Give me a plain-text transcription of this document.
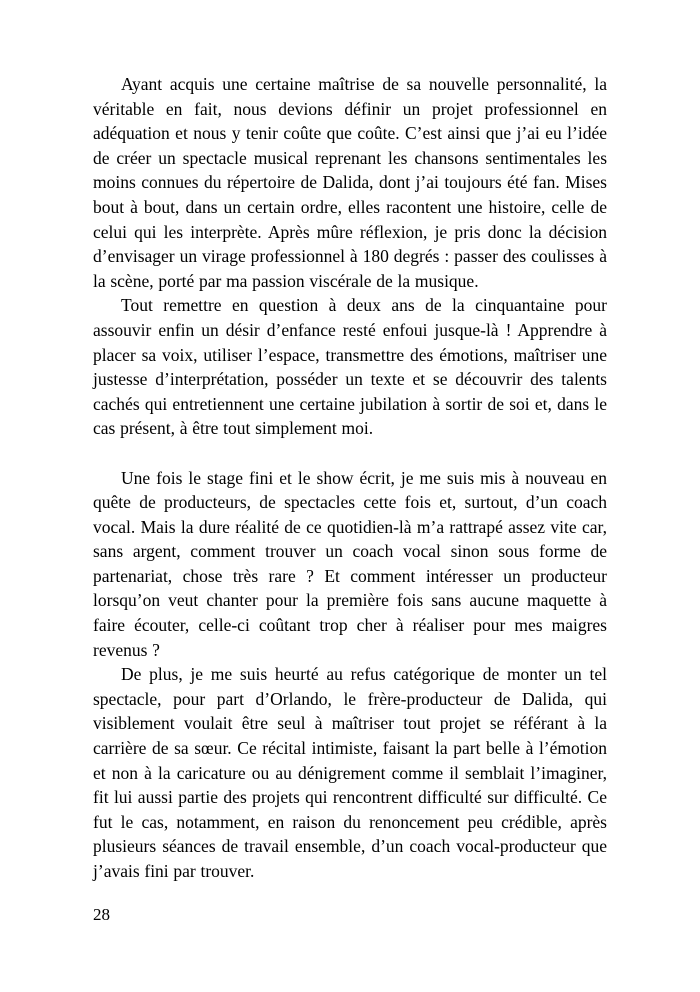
Ayant acquis une certaine maîtrise de sa nouvelle personnalité, la véritable en fait, nous devions définir un projet professionnel en adéquation et nous y tenir coûte que coûte. C’est ainsi que j’ai eu l’idée de créer un spectacle musical reprenant les chansons sentimentales les moins connues du répertoire de Dalida, dont j’ai toujours été fan. Mises bout à bout, dans un certain ordre, elles racontent une histoire, celle de celui qui les interprète. Après mûre réflexion, je pris donc la décision d’envisager un virage professionnel à 180 degrés : passer des coulisses à la scène, porté par ma passion viscérale de la musique.

Tout remettre en question à deux ans de la cinquantaine pour assouvir enfin un désir d’enfance resté enfoui jusque-là ! Apprendre à placer sa voix, utiliser l’espace, transmettre des émotions, maîtriser une justesse d’interprétation, posséder un texte et se découvrir des talents cachés qui entretiennent une certaine jubilation à sortir de soi et, dans le cas présent, à être tout simplement moi.

Une fois le stage fini et le show écrit, je me suis mis à nouveau en quête de producteurs, de spectacles cette fois et, surtout, d’un coach vocal. Mais la dure réalité de ce quotidien-là m’a rattrapé assez vite car, sans argent, comment trouver un coach vocal sinon sous forme de partenariat, chose très rare ? Et comment intéresser un producteur lorsqu’on veut chanter pour la première fois sans aucune maquette à faire écouter, celle-ci coûtant trop cher à réaliser pour mes maigres revenus ?

De plus, je me suis heurté au refus catégorique de monter un tel spectacle, pour part d’Orlando, le frère-producteur de Dalida, qui visiblement voulait être seul à maîtriser tout projet se référant à la carrière de sa sœur. Ce récital intimiste, faisant la part belle à l’émotion et non à la caricature ou au dénigrement comme il semblait l’imaginer, fit lui aussi partie des projets qui rencontrent difficulté sur difficulté. Ce fut le cas, notamment, en raison du renoncement peu crédible, après plusieurs séances de travail ensemble, d’un coach vocal-producteur que j’avais fini par trouver.

28
